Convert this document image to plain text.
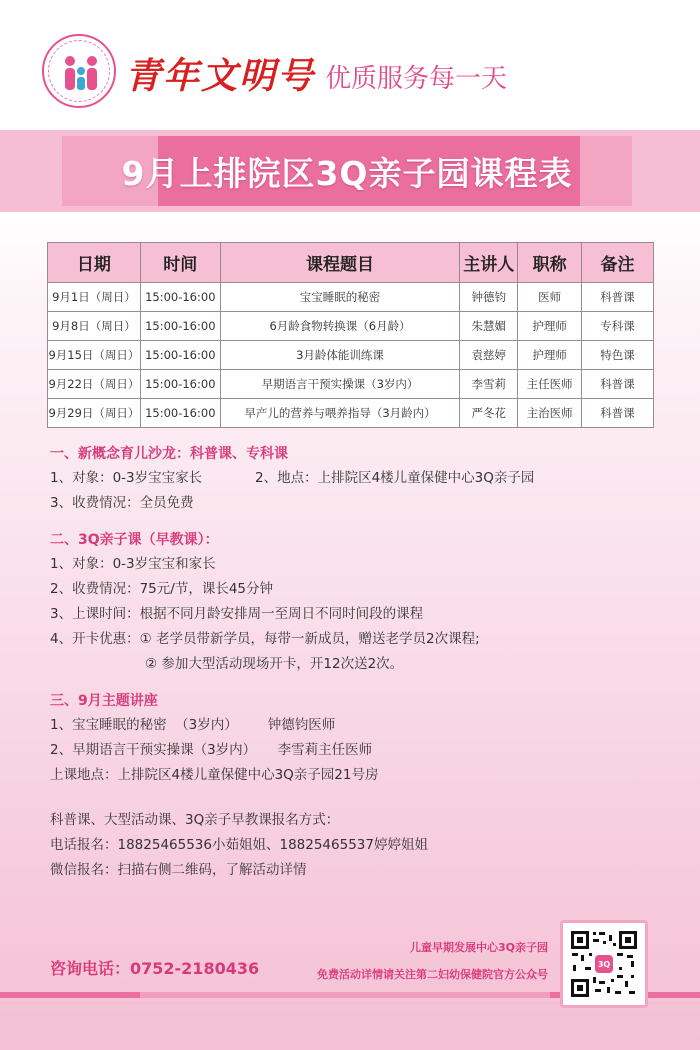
青年文明号 优质服务每一天
9月上排院区3Q亲子园课程表
日期	时间	课程题目	主讲人	职称	备注
9月1日（周日）	15:00-16:00	宝宝睡眠的秘密	钟德钧	医师	科普课
9月8日（周日）	15:00-16:00	6月龄食物转换课（6月龄）	朱慧媚	护理师	专科课
9月15日（周日）	15:00-16:00	3月龄体能训练课	袁慈婷	护理师	特色课
9月22日（周日）	15:00-16:00	早期语言干预实操课（3岁内）	李雪莉	主任医师	科普课
9月29日（周日）	15:00-16:00	早产儿的营养与喂养指导（3月龄内）	严冬花	主治医师	科普课
一、新概念育儿沙龙：科普课、专科课
1、对象：0-3岁宝宝家长	2、地点：上排院区4楼儿童保健中心3Q亲子园
3、收费情况：全员免费
二、3Q亲子课（早教课）：
1、对象：0-3岁宝宝和家长
2、收费情况：75元/节，课长45分钟
3、上课时间：根据不同月龄安排周一至周日不同时间段的课程
4、开卡优惠：① 老学员带新学员，每带一新成员，赠送老学员2次课程;
② 参加大型活动现场开卡，开12次送2次。
三、9月主题讲座
1、宝宝睡眠的秘密  （3岁内）       钟德钧医师
2、早期语言干预实操课（3岁内）     李雪莉主任医师
上课地点：上排院区4楼儿童保健中心3Q亲子园21号房
科普课、大型活动课、3Q亲子早教课报名方式：
电话报名：18825465536小茹姐姐、18825465537婷婷姐姐
微信报名：扫描右侧二维码，了解活动详情
咨询电话：0752-2180436
儿童早期发展中心3Q亲子园
免费活动详情请关注第二妇幼保健院官方公众号
3Q
